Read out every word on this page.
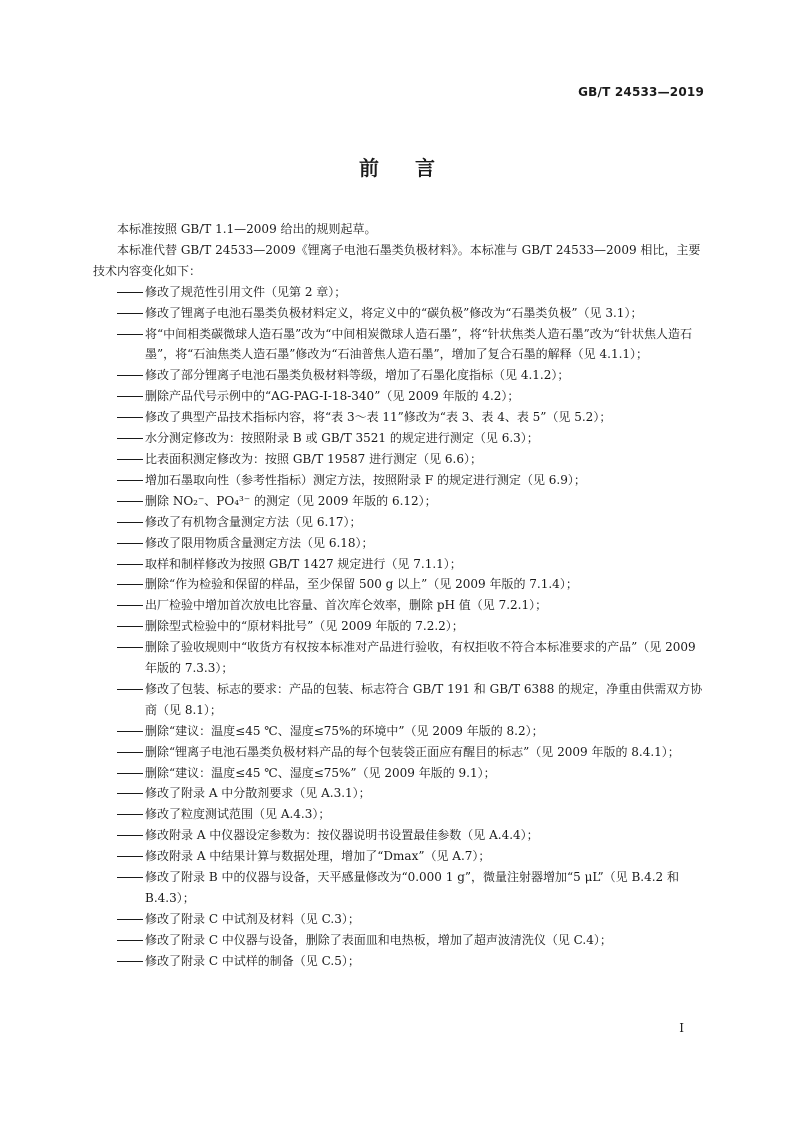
GB/T 24533—2019
前言

本标准按照 GB/T 1.1—2009 给出的规则起草。

本标准代替 GB/T 24533—2009《锂离子电池石墨类负极材料》。本标准与 GB/T 24533—2009 相比，主要技术内容变化如下：

修改了规范性引用文件（见第 2 章）；

修改了锂离子电池石墨类负极材料定义，将定义中的“碳负极”修改为“石墨类负极”（见 3.1）；

将“中间相类碳微球人造石墨”改为“中间相炭微球人造石墨”，将“针状焦类人造石墨”改为“针状焦人造石墨”，将“石油焦类人造石墨”修改为“石油普焦人造石墨”，增加了复合石墨的解释（见 4.1.1）；

修改了部分锂离子电池石墨类负极材料等级，增加了石墨化度指标（见 4.1.2）；

删除产品代号示例中的“AG-PAG-Ⅰ-18-340”（见 2009 年版的 4.2）；

修改了典型产品技术指标内容，将“表 3～表 11”修改为“表 3、表 4、表 5”（见 5.2）；

水分测定修改为：按照附录 B 或 GB/T 3521 的规定进行测定（见 6.3）；

比表面积测定修改为：按照 GB/T 19587 进行测定（见 6.6）；

增加石墨取向性（参考性指标）测定方法，按照附录 F 的规定进行测定（见 6.9）；

删除 NO₂⁻、PO₄³⁻ 的测定（见 2009 年版的 6.12）；

修改了有机物含量测定方法（见 6.17）；

修改了限用物质含量测定方法（见 6.18）；

取样和制样修改为按照 GB/T 1427 规定进行（见 7.1.1）；

删除“作为检验和保留的样品，至少保留 500 g 以上”（见 2009 年版的 7.1.4）；

出厂检验中增加首次放电比容量、首次库仑效率，删除 pH 值（见 7.2.1）；

删除型式检验中的“原材料批号”（见 2009 年版的 7.2.2）；

删除了验收规则中“收货方有权按本标准对产品进行验收，有权拒收不符合本标准要求的产品”（见 2009 年版的 7.3.3）；

修改了包装、标志的要求：产品的包装、标志符合 GB/T 191 和 GB/T 6388 的规定，净重由供需双方协商（见 8.1）；

删除“建议：温度≤45 ℃、湿度≤75%的环境中”（见 2009 年版的 8.2）；

删除“锂离子电池石墨类负极材料产品的每个包装袋正面应有醒目的标志”（见 2009 年版的 8.4.1）；

删除“建议：温度≤45 ℃、湿度≤75%”（见 2009 年版的 9.1）；

修改了附录 A 中分散剂要求（见 A.3.1）；

修改了粒度测试范围（见 A.4.3）；

修改附录 A 中仪器设定参数为：按仪器说明书设置最佳参数（见 A.4.4）；

修改附录 A 中结果计算与数据处理，增加了“Dmax”（见 A.7）；

修改了附录 B 中的仪器与设备，天平感量修改为“0.000 1 g”，微量注射器增加“5 μL”（见 B.4.2 和 B.4.3）；

修改了附录 C 中试剂及材料（见 C.3）；

修改了附录 C 中仪器与设备，删除了表面皿和电热板，增加了超声波清洗仪（见 C.4）；

修改了附录 C 中试样的制备（见 C.5）；

Ⅰ
